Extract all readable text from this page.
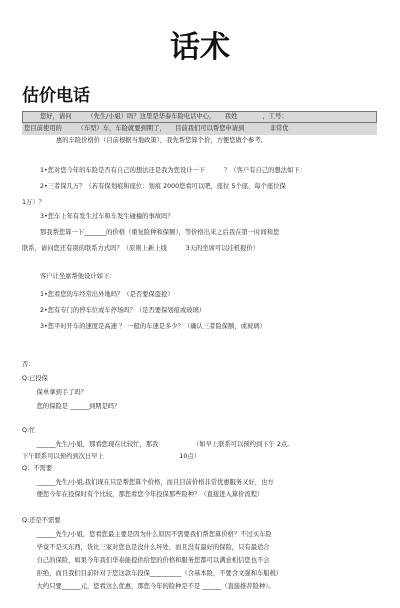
话术
估价电话
您好，请问　　　（先生/小姐）吗？这里是华泰车险电话中心，　　我姓　　　　，工号：
您目前使用的　　　（车型）车，车险就要到期了，　　目前我们可以帮您申请到　　　　非常优
惠的车险价格价（目前根据当地政策），我先帮您算个价，方便您做个参考。
1•您对您今年的车险是否有自己的想法还是我为您设计一下　　　？（客户有自己的想法如下：
2•三者保几万？（若有保划痕和座位：划痕 2000您看可以吧，座位 5个座，每个座位保
1万）？
3•您车上年有发生过车和车发生碰撞的事故吗？
那我帮您算一下_______的价格（重复险种和保额），等价格出来之后我在第一时间和您
联系，请问您还有别的联系方式吗？（原则上新上线　　　3天的坐席可以挂机报价）
客户让坐席帮他设计如下：
1•您看您的车经常出外地吗？（是否要保盗抢）
2•您有专门的停车位或车停场吗？（是否要保划痕或玻璃）
3•您平时开车的速度是高速 ？ 一般的车速是多少？（确认三者险保额，或玻璃）
否：
Q:已投保
　　保单拿到手了吗？
　　您的保险是 ______到期是吗？
Q:忙
　　______先生/小姐，那看您现在比较忙，那我　　　　　　（如早上联系可以预约到下午 2点,
下午联系可以预约到次日早上　　　　　　　　　　　　10点）
Q：不需要
　　______先生/小姐,我们现在只是帮您算个价格，而且目前价格非常优惠服务又好，也方
　　便您今年在投保时有个比较，那您看您今年投保那些险种？（直接进入算价流程）
Q:还是不需要
　　______先生/小姐，您看您最主要是因为什么原因不需要我们帮您算价格？不过买车险
　　毕竟不是买东西，货比三家对您也是没什么坏处，而且没有最好的保险，只有最适合
　　自己的保险，如果今年我们华泰能提供给您的价格和服务您都可以满意相信您也不会
　　拒绝，而且我们目前针对于您这款车投保__________（含基本险，不要含文强和车船税）
　　大约只要______元，您看这么优惠，那您今年的险种是不是 ______（直接推荐险种）。
